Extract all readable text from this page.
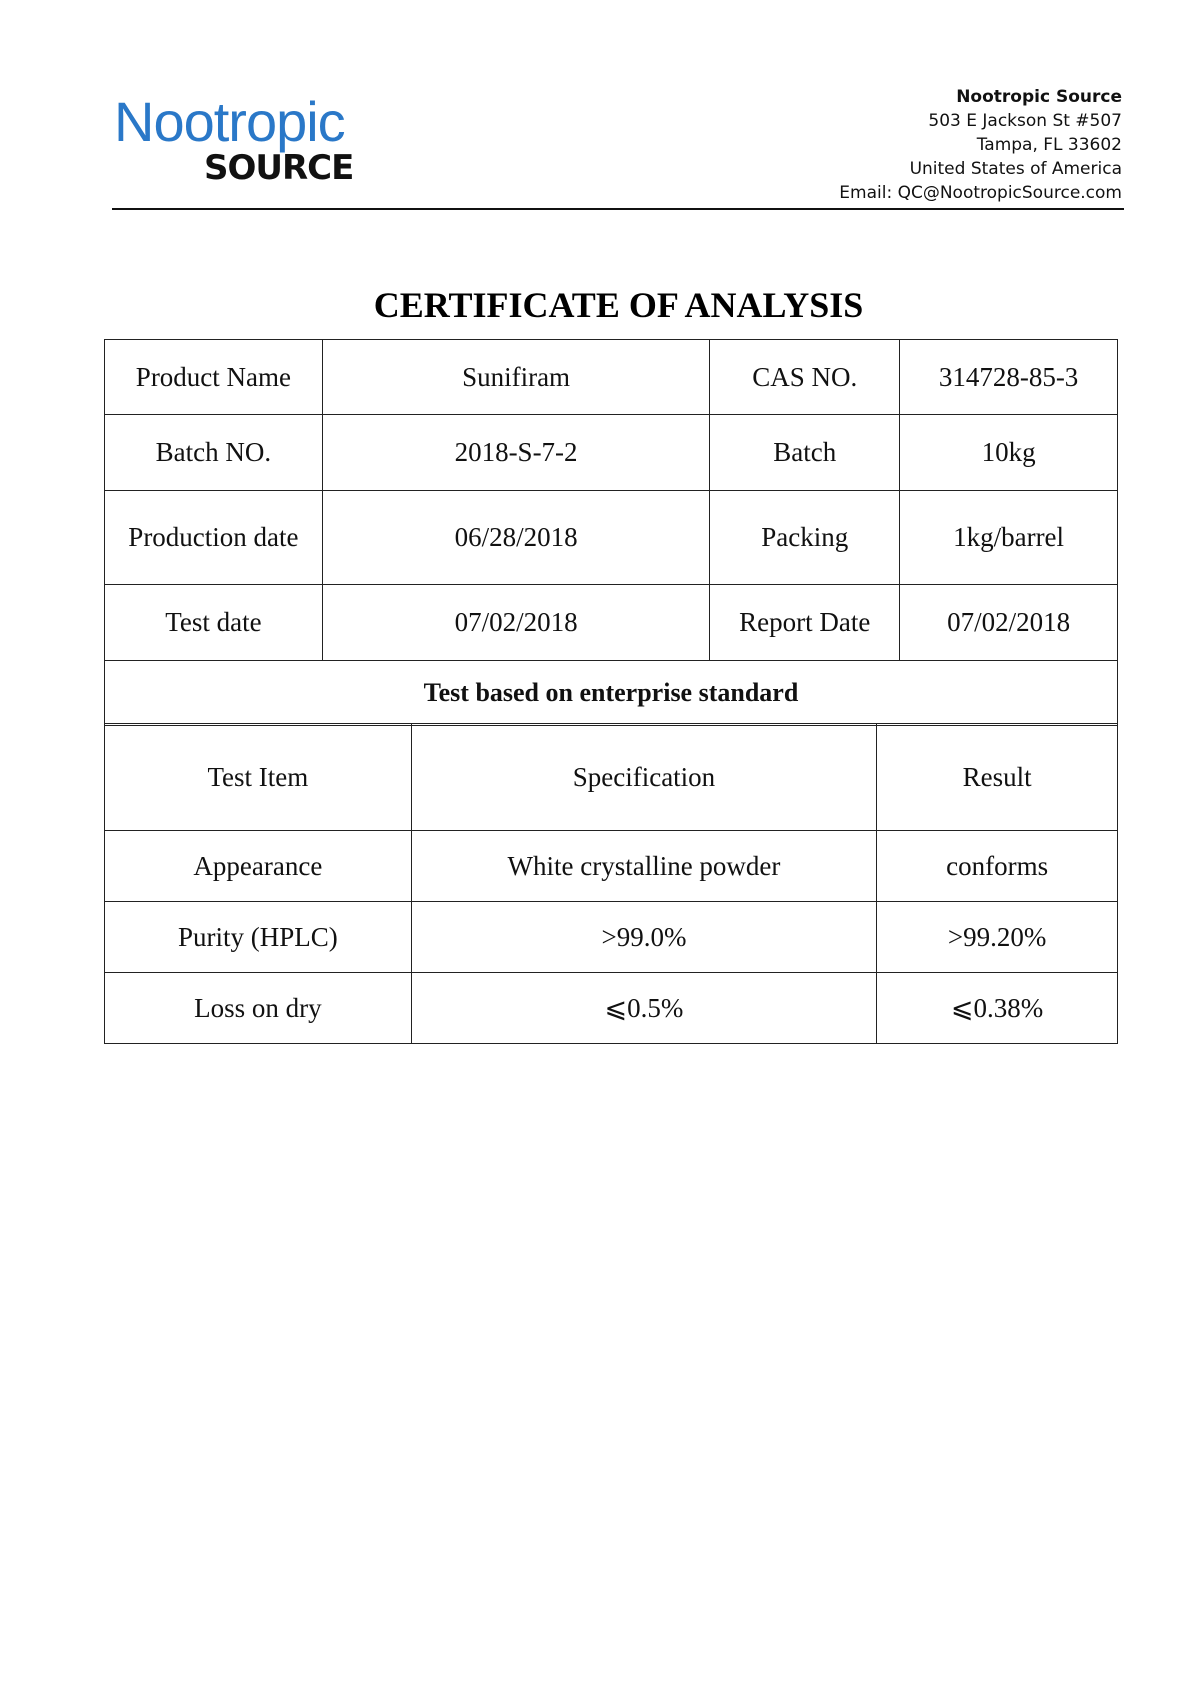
Nootropic
SOURCE
Nootropic Source
503 E Jackson St #507
Tampa, FL 33602
United States of America
Email: QC@NootropicSource.com
CERTIFICATE OF ANALYSIS
Product Name	Sunifiram	CAS NO.	314728-85-3
Batch NO.	2018-S-7-2	Batch	10kg
Production date	06/28/2018	Packing	1kg/barrel
Test date	07/02/2018	Report Date	07/02/2018
Test based on enterprise standard			
Test Item	Specification	Result
Appearance	White crystalline powder	conforms
Purity (HPLC)	>99.0%	>99.20%
Loss on dry	⩽0.5%	⩽0.38%
